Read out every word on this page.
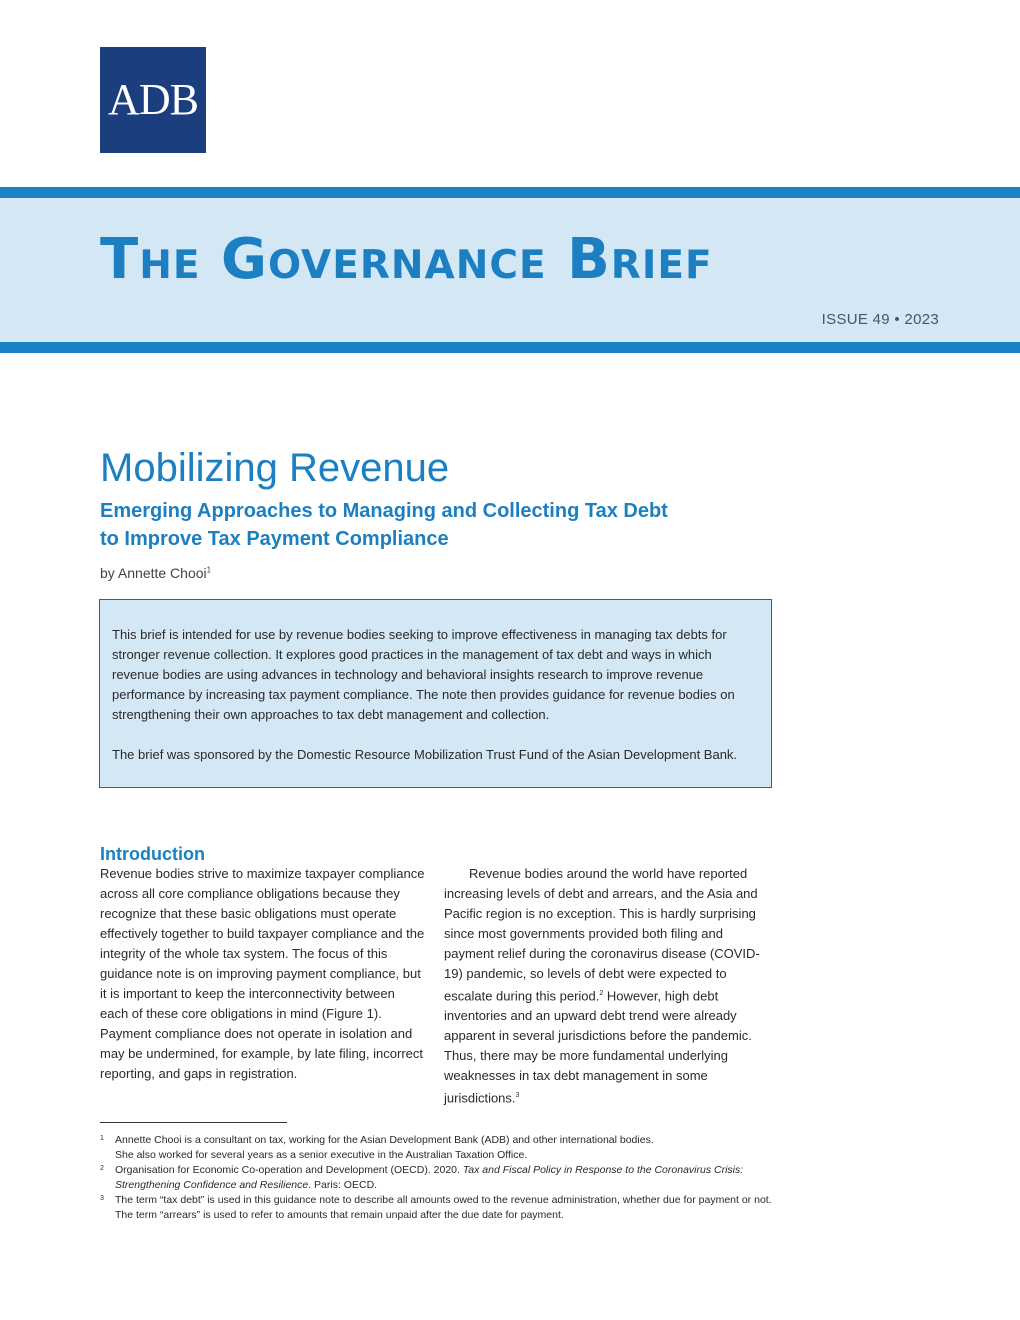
ADB
The Governance Brief
ISSUE 49 • 2023
Mobilizing Revenue
Emerging Approaches to Managing and Collecting Tax Debt
to Improve Tax Payment Compliance
by Annette Chooi$^1$

This brief is intended for use by revenue bodies seeking to improve effectiveness in managing tax debts for stronger revenue collection. It explores good practices in the management of tax debt and ways in which revenue bodies are using advances in technology and behavioral insights research to improve revenue performance by increasing tax payment compliance. The note then provides guidance for revenue bodies on strengthening their own approaches to tax debt management and collection.

The brief was sponsored by the Domestic Resource Mobilization Trust Fund of the Asian Development Bank.

Introduction

Revenue bodies strive to maximize taxpayer compliance across all core compliance obligations because they recognize that these basic obligations must operate effectively together to build taxpayer compliance and the integrity of the whole tax system. The focus of this guidance note is on improving payment compliance, but it is important to keep the interconnectivity between each of these core obligations in mind (Figure 1). Payment compliance does not operate in isolation and may be undermined, for example, by late filing, incorrect reporting, and gaps in registration.

Revenue bodies around the world have reported increasing levels of debt and arrears, and the Asia and Pacific region is no exception. This is hardly surprising since most governments provided both filing and payment relief during the coronavirus disease (COVID-19) pandemic, so levels of debt were expected to escalate during this period.$^2$ However, high debt inventories and an upward debt trend were already apparent in several jurisdictions before the pandemic. Thus, there may be more fundamental underlying weaknesses in tax debt management in some jurisdictions.$^3$

1 Annette Chooi is a consultant on tax, working for the Asian Development Bank (ADB) and other international bodies.
She also worked for several years as a senior executive in the Australian Taxation Office.
2 Organisation for Economic Co-operation and Development (OECD). 2020. Tax and Fiscal Policy in Response to the Coronavirus Crisis: Strengthening Confidence and Resilience. Paris: OECD.
3 The term “tax debt” is used in this guidance note to describe all amounts owed to the revenue administration, whether due for payment or not. The term “arrears” is used to refer to amounts that remain unpaid after the due date for payment.
